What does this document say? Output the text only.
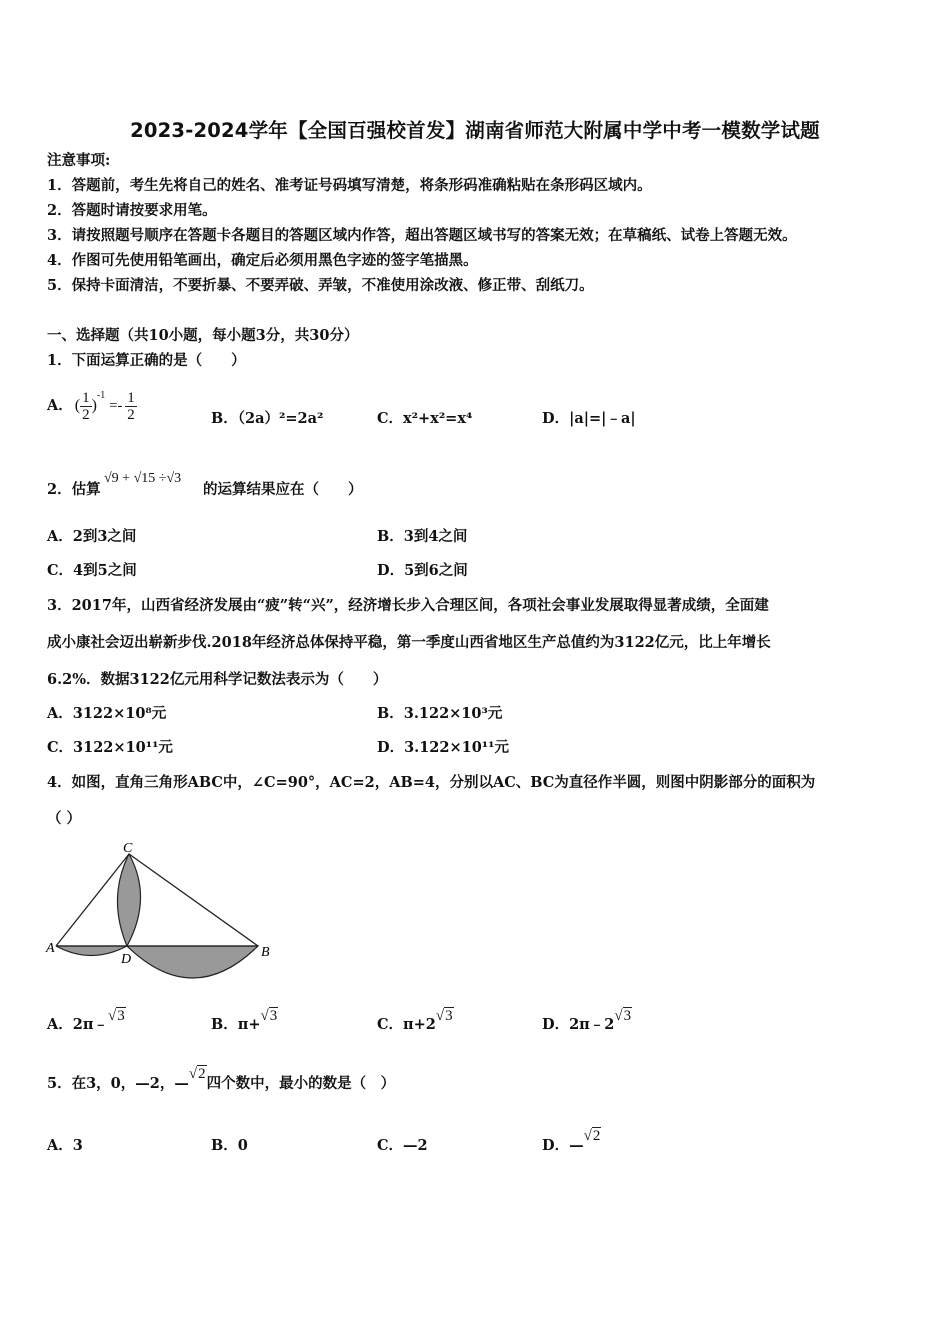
2023-2024学年【全国百强校首发】湖南省师范大附属中学中考一模数学试题
注意事项:
1．答题前，考生先将自己的姓名、准考证号码填写清楚，将条形码准确粘贴在条形码区域内。
2．答题时请按要求用笔。
3．请按照题号顺序在答题卡各题目的答题区域内作答，超出答题区域书写的答案无效；在草稿纸、试卷上答题无效。
4．作图可先使用铅笔画出，确定后必须用黑色字迹的签字笔描黑。
5．保持卡面清洁，不要折暴、不要弄破、弄皱，不准使用涂改液、修正带、刮纸刀。
一、选择题（共10小题，每小题3分，共30分）
1．下面运算正确的是（　　）
A． ( $\frac{1}{2}$ )
-1
=- $\frac{1}{2}$	B．（2a）²=2a²	C．x²+x²=x⁴	D．|a|=|﹣a|
2．估算
√9 + √15 ÷√3
的运算结果应在（　　）
A．2到3之间	B．3到4之间
C．4到5之间	D．5到6之间
3．2017年，山西省经济发展由“疲”转“兴”，经济增长步入合理区间，各项社会事业发展取得显著成绩，全面建
成小康社会迈出崭新步伐.2018年经济总体保持平稳，第一季度山西省地区生产总值约为3122亿元，比上年增长
6.2%．数据3122亿元用科学记数法表示为（　　）
A．3122×10⁸元	B．3.122×10³元
C．3122×10¹¹元	D．3.122×10¹¹元
4．如图，直角三角形ABC中，∠C=90°，AC=2，AB=4，分别以AC、BC为直径作半圆，则图中阴影部分的面积为
（ ）
C
A
D	B
A．2π﹣√3	B．π+√3	C．π+2√3	D．2π﹣2√3
5．在3，0，—2，—√2四个数中，最小的数是（　）
A．3	B．0	C．—2	D．—√2
